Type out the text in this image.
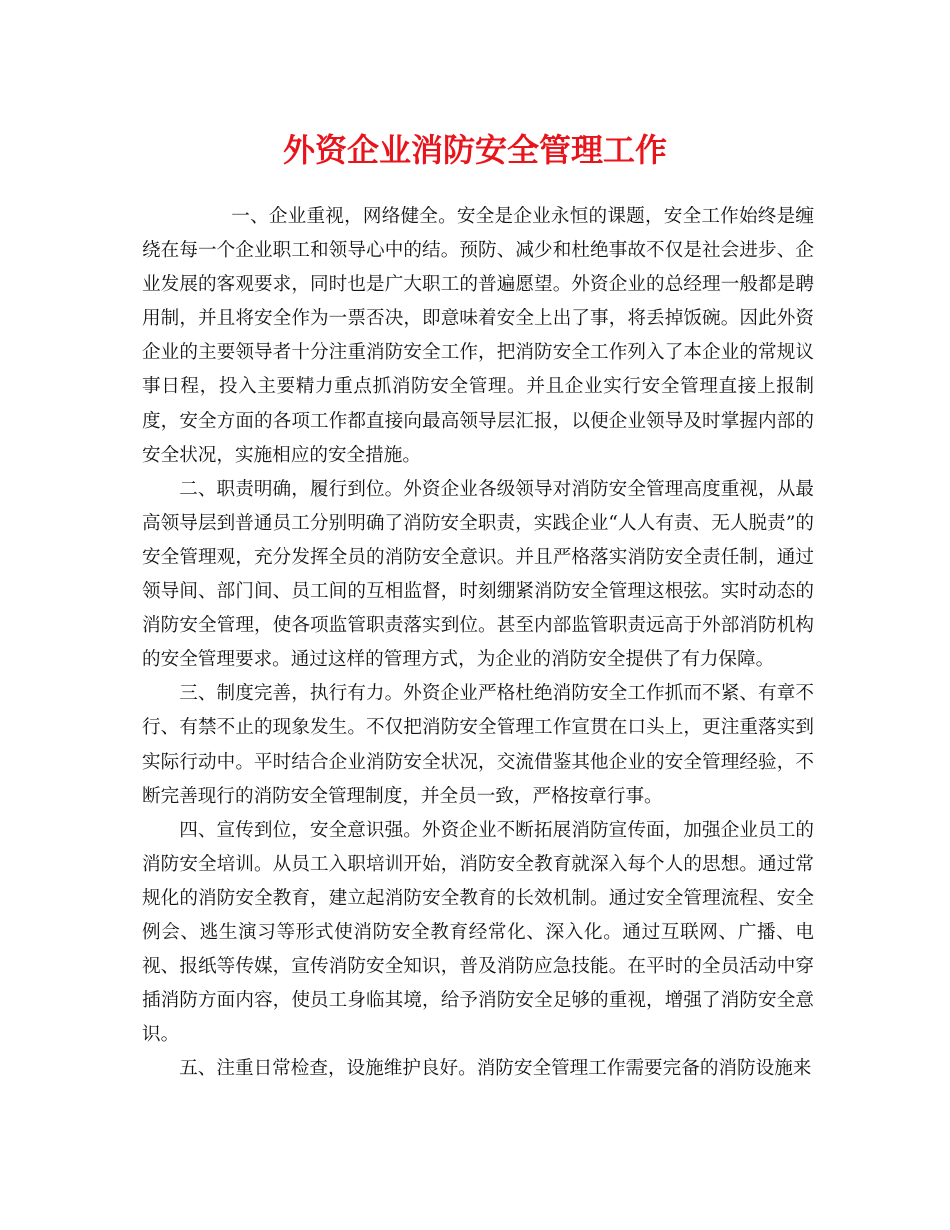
外资企业消防安全管理工作

一、企业重视，网络健全。安全是企业永恒的课题，安全工作始终是缠绕在每一个企业职工和领导心中的结。预防、减少和杜绝事故不仅是社会进步、企业发展的客观要求，同时也是广大职工的普遍愿望。外资企业的总经理一般都是聘用制，并且将安全作为一票否决，即意味着安全上出了事，将丢掉饭碗。因此外资企业的主要领导者十分注重消防安全工作，把消防安全工作列入了本企业的常规议事日程，投入主要精力重点抓消防安全管理。并且企业实行安全管理直接上报制度，安全方面的各项工作都直接向最高领导层汇报，以便企业领导及时掌握内部的安全状况，实施相应的安全措施。

二、职责明确，履行到位。外资企业各级领导对消防安全管理高度重视，从最高领导层到普通员工分别明确了消防安全职责，实践企业“人人有责、无人脱责”的安全管理观，充分发挥全员的消防安全意识。并且严格落实消防安全责任制，通过领导间、部门间、员工间的互相监督，时刻绷紧消防安全管理这根弦。实时动态的消防安全管理，使各项监管职责落实到位。甚至内部监管职责远高于外部消防机构的安全管理要求。通过这样的管理方式，为企业的消防安全提供了有力保障。

三、制度完善，执行有力。外资企业严格杜绝消防安全工作抓而不紧、有章不行、有禁不止的现象发生。不仅把消防安全管理工作宣贯在口头上，更注重落实到实际行动中。平时结合企业消防安全状况，交流借鉴其他企业的安全管理经验，不断完善现行的消防安全管理制度，并全员一致，严格按章行事。

四、宣传到位，安全意识强。外资企业不断拓展消防宣传面，加强企业员工的消防安全培训。从员工入职培训开始，消防安全教育就深入每个人的思想。通过常规化的消防安全教育，建立起消防安全教育的长效机制。通过安全管理流程、安全例会、逃生演习等形式使消防安全教育经常化、深入化。通过互联网、广播、电视、报纸等传媒，宣传消防安全知识，普及消防应急技能。在平时的全员活动中穿插消防方面内容，使员工身临其境，给予消防安全足够的重视，增强了消防安全意识。

五、注重日常检查，设施维护良好。消防安全管理工作需要完备的消防设施来
